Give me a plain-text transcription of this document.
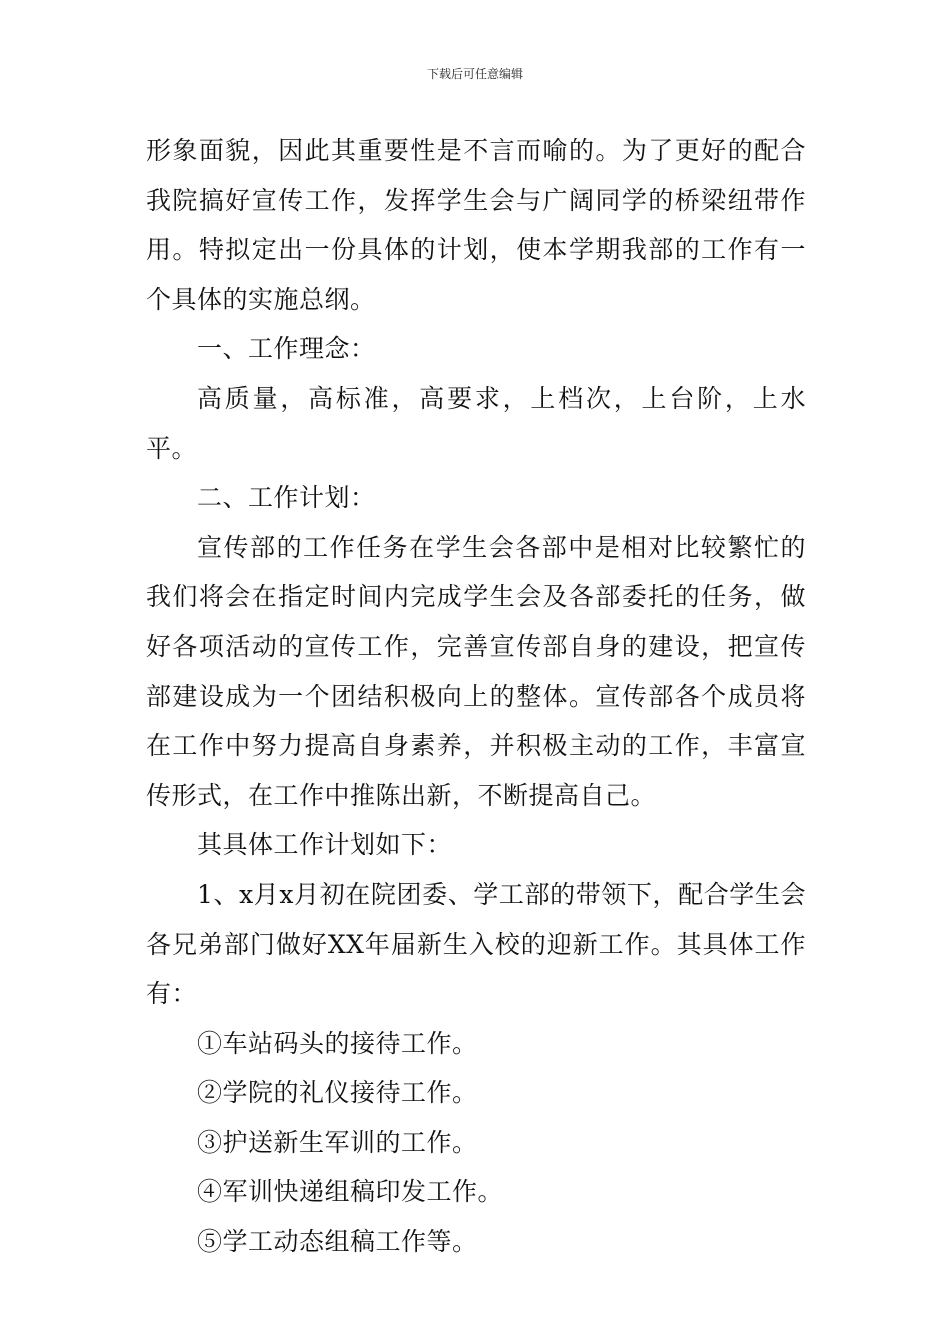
下载后可任意编辑

形象面貌，因此其重要性是不言而喻的。为了更好的配合我院搞好宣传工作，发挥学生会与广阔同学的桥梁纽带作用。特拟定出一份具体的计划，使本学期我部的工作有一个具体的实施总纲。

一、工作理念：

高质量，高标准，高要求，上档次，上台阶，上水平。

二、工作计划：

宣传部的工作任务在学生会各部中是相对比较繁忙的我们将会在指定时间内完成学生会及各部委托的任务，做好各项活动的宣传工作，完善宣传部自身的建设，把宣传部建设成为一个团结积极向上的整体。宣传部各个成员将在工作中努力提高自身素养，并积极主动的工作，丰富宣传形式，在工作中推陈出新，不断提高自己。

其具体工作计划如下：

1、x月x月初在院团委、学工部的带领下，配合学生会各兄弟部门做好XX年届新生入校的迎新工作。其具体工作有：

①车站码头的接待工作。

②学院的礼仪接待工作。

③护送新生军训的工作。

④军训快递组稿印发工作。

⑤学工动态组稿工作等。
